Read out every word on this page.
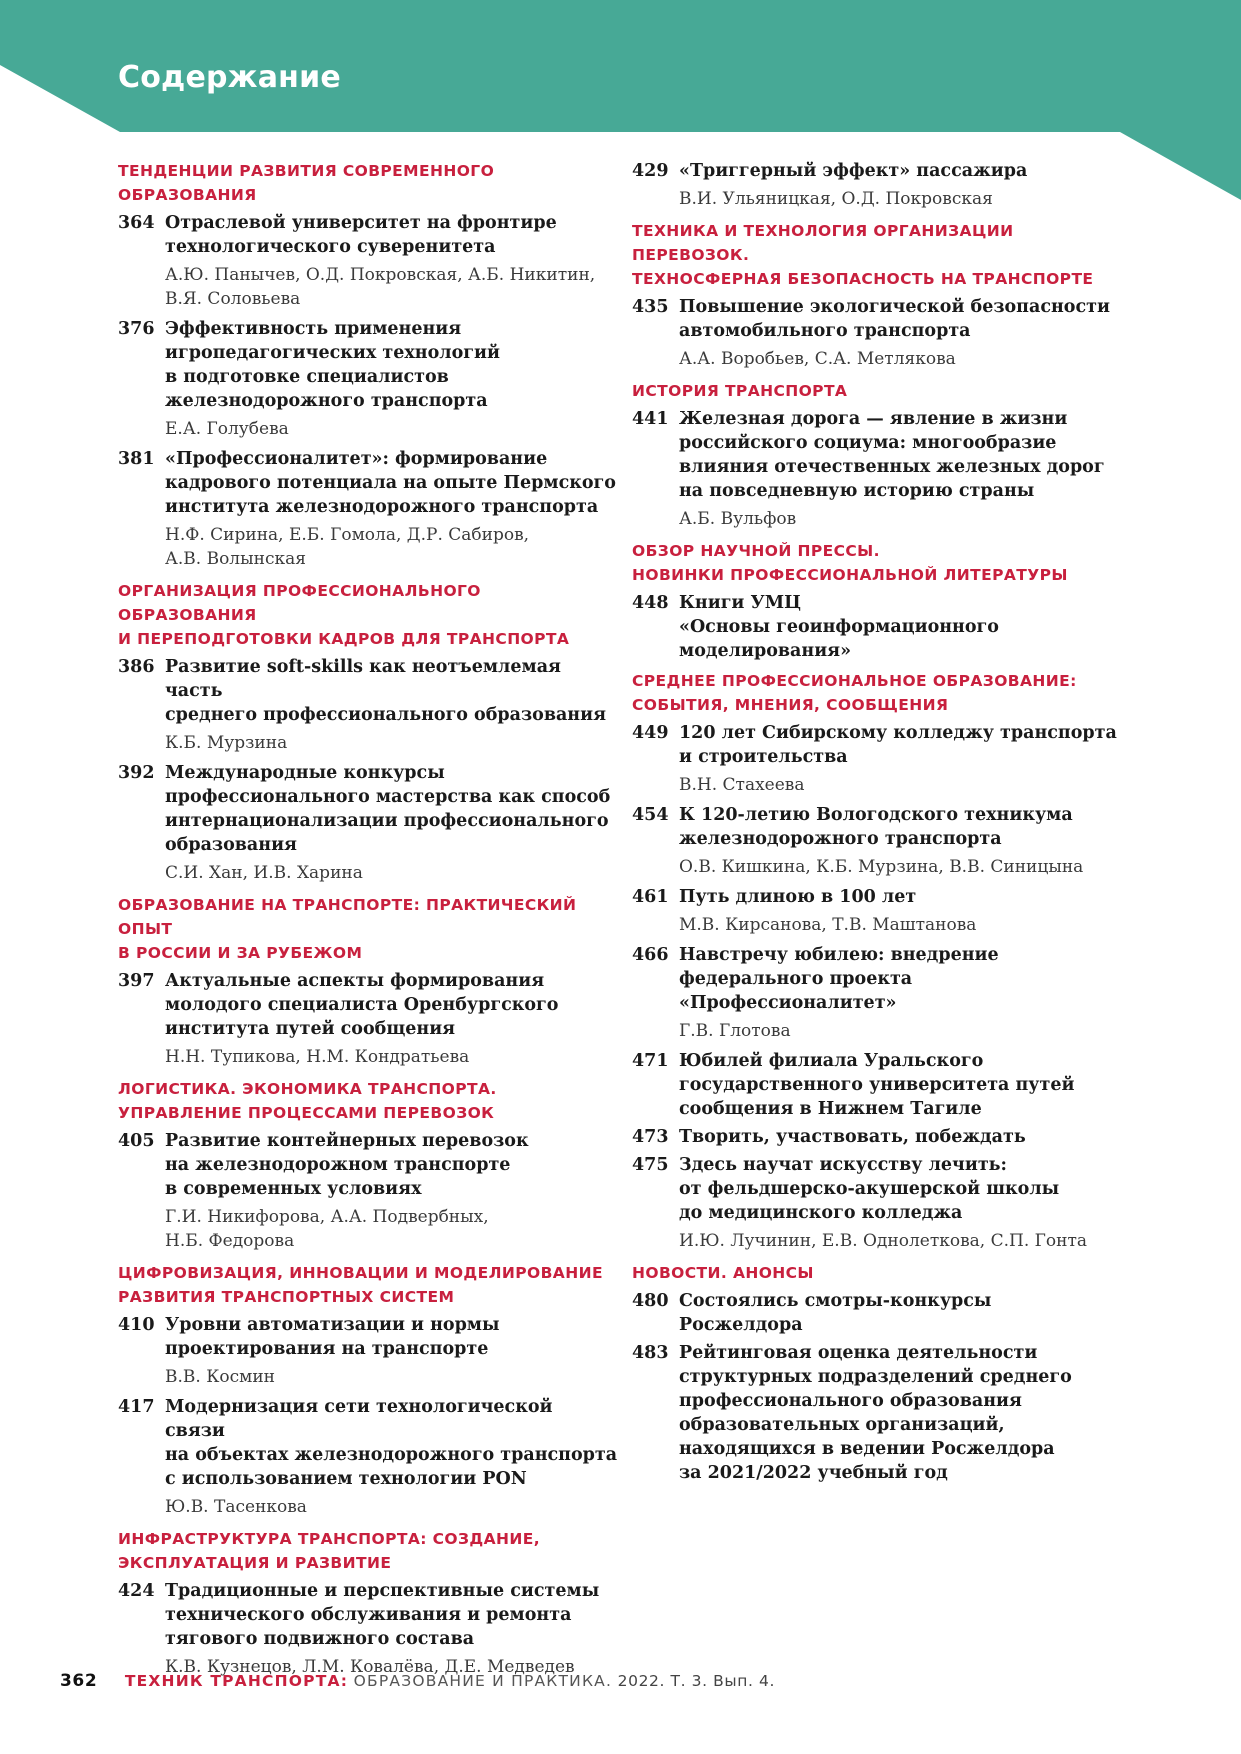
Содержание
ТЕНДЕНЦИИ РАЗВИТИЯ СОВРЕМЕННОГО ОБРАЗОВАНИЯ
364 Отраслевой университет на фронтире
технологического суверенитета
А.Ю. Панычев, О.Д. Покровская, А.Б. Никитин,
В.Я. Соловьева
376 Эффективность применения
игропедагогических технологий
в подготовке специалистов
железнодорожного транспорта
Е.А. Голубева
381 «Профессионалитет»: формирование
кадрового потенциала на опыте Пермского
института железнодорожного транспорта
Н.Ф. Сирина, Е.Б. Гомола, Д.Р. Сабиров,
А.В. Волынская
ОРГАНИЗАЦИЯ ПРОФЕССИОНАЛЬНОГО ОБРАЗОВАНИЯ
И ПЕРЕПОДГОТОВКИ КАДРОВ ДЛЯ ТРАНСПОРТА
386 Развитие soft-skills как неотъемлемая часть
среднего профессионального образования
К.Б. Мурзина
392 Международные конкурсы
профессионального мастерства как способ
интернационализации профессионального
образования
С.И. Хан, И.В. Харина
ОБРАЗОВАНИЕ НА ТРАНСПОРТЕ: ПРАКТИЧЕСКИЙ ОПЫТ
В РОССИИ И ЗА РУБЕЖОМ
397 Актуальные аспекты формирования
молодого специалиста Оренбургского
института путей сообщения
Н.Н. Тупикова, Н.М. Кондратьева
ЛОГИСТИКА. ЭКОНОМИКА ТРАНСПОРТА.
УПРАВЛЕНИЕ ПРОЦЕССАМИ ПЕРЕВОЗОК
405 Развитие контейнерных перевозок
на железнодорожном транспорте
в современных условиях
Г.И. Никифорова, А.А. Подвербных,
Н.Б. Федорова
ЦИФРОВИЗАЦИЯ, ИННОВАЦИИ И МОДЕЛИРОВАНИЕ
РАЗВИТИЯ ТРАНСПОРТНЫХ СИСТЕМ
410 Уровни автоматизации и нормы
проектирования на транспорте
В.В. Космин
417 Модернизация сети технологической связи
на объектах железнодорожного транспорта
с использованием технологии PON
Ю.В. Тасенкова
ИНФРАСТРУКТУРА ТРАНСПОРТА: СОЗДАНИЕ,
ЭКСПЛУАТАЦИЯ И РАЗВИТИЕ
424 Традиционные и перспективные системы
технического обслуживания и ремонта
тягового подвижного состава
К.В. Кузнецов, Л.М. Ковалёва, Д.Е. Медведев
429 «Триггерный эффект» пассажира
В.И. Ульяницкая, О.Д. Покровская
ТЕХНИКА И ТЕХНОЛОГИЯ ОРГАНИЗАЦИИ ПЕРЕВОЗОК.
ТЕХНОСФЕРНАЯ БЕЗОПАСНОСТЬ НА ТРАНСПОРТЕ
435 Повышение экологической безопасности
автомобильного транспорта
А.А. Воробьев, С.А. Метлякова
ИСТОРИЯ ТРАНСПОРТА
441 Железная дорога — явление в жизни
российского социума: многообразие
влияния отечественных железных дорог
на повседневную историю страны
А.Б. Вульфов
ОБЗОР НАУЧНОЙ ПРЕССЫ.
НОВИНКИ ПРОФЕССИОНАЛЬНОЙ ЛИТЕРАТУРЫ
448 Книги УМЦ
«Основы геоинформационного
моделирования»
СРЕДНЕЕ ПРОФЕССИОНАЛЬНОЕ ОБРАЗОВАНИЕ:
СОБЫТИЯ, МНЕНИЯ, СООБЩЕНИЯ
449 120 лет Сибирскому колледжу транспорта
и строительства
В.Н. Стахеева
454 К 120-летию Вологодского техникума
железнодорожного транспорта
О.В. Кишкина, К.Б. Мурзина, В.В. Синицына
461 Путь длиною в 100 лет
М.В. Кирсанова, Т.В. Маштанова
466 Навстречу юбилею: внедрение
федерального проекта
«Профессионалитет»
Г.В. Глотова
471 Юбилей филиала Уральского
государственного университета путей
сообщения в Нижнем Тагиле
473 Творить, участвовать, побеждать
475 Здесь научат искусству лечить:
от фельдшерско-акушерской школы
до медицинского колледжа
И.Ю. Лучинин, Е.В. Однолеткова, С.П. Гонта
НОВОСТИ. АНОНСЫ
480 Состоялись смотры-конкурсы
Росжелдора
483 Рейтинговая оценка деятельности
структурных подразделений среднего
профессионального образования
образовательных организаций,
находящихся в ведении Росжелдора
за 2021/2022 учебный год
362 ТЕХНИК ТРАНСПОРТА: ОБРАЗОВАНИЕ И ПРАКТИКА. 2022. Т. 3. Вып. 4.
